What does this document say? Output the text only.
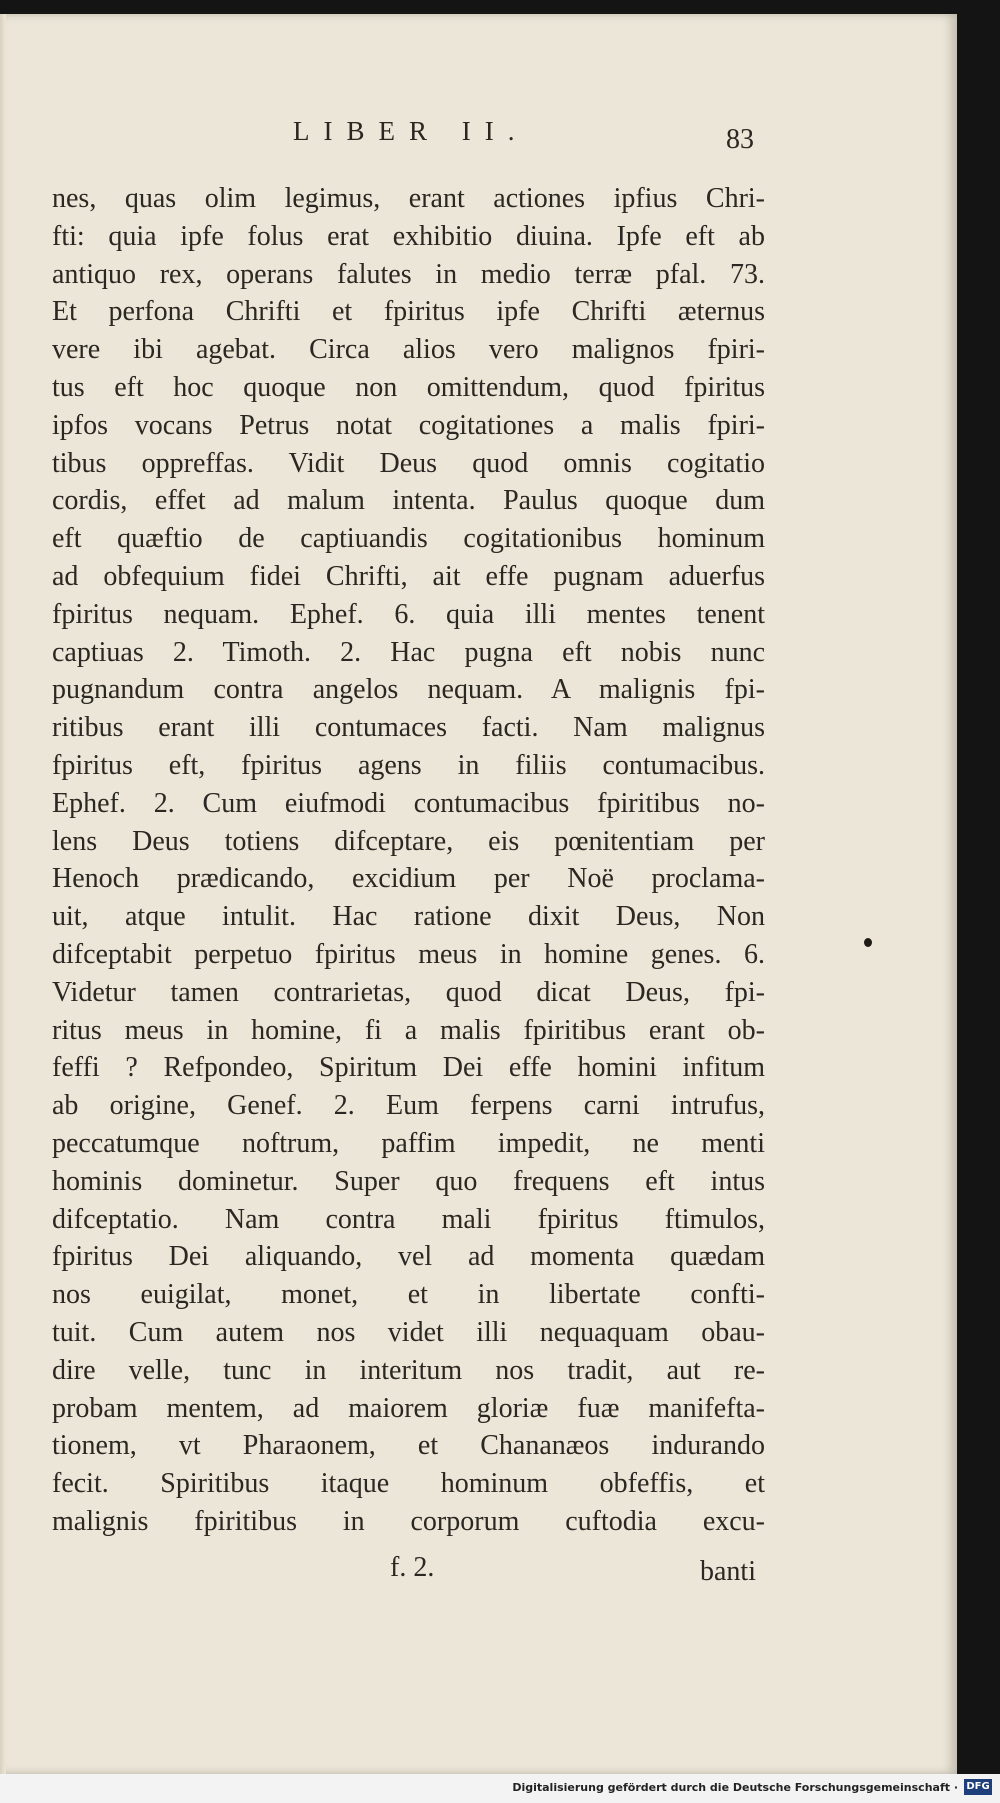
LIBER II.	83
nes, quas olim legimus, erant actiones ipfius Chri-
fti: quia ipfe folus erat exhibitio diuina. Ipfe eft ab
antiquo rex, operans falutes in medio terræ pfal. 73.
Et perfona Chrifti et fpiritus ipfe Chrifti æternus
vere ibi agebat. Circa alios vero malignos fpiri-
tus eft hoc quoque non omittendum, quod fpiritus
ipfos vocans Petrus notat cogitationes a malis fpiri-
tibus oppreffas. Vidit Deus quod omnis cogitatio
cordis, effet ad malum intenta. Paulus quoque dum
eft quæftio de captiuandis cogitationibus hominum
ad obfequium fidei Chrifti, ait effe pugnam aduerfus
fpiritus nequam. Ephef. 6. quia illi mentes tenent
captiuas 2. Timoth. 2. Hac pugna eft nobis nunc
pugnandum contra angelos nequam. A malignis fpi-
ritibus erant illi contumaces facti. Nam malignus
fpiritus eft, fpiritus agens in filiis contumacibus.
Ephef. 2. Cum eiufmodi contumacibus fpiritibus no-
lens Deus totiens difceptare, eis pœnitentiam per
Henoch prædicando, excidium per Noë proclama-
uit, atque intulit. Hac ratione dixit Deus, Non
difceptabit perpetuo fpiritus meus in homine genes. 6.
Videtur tamen contrarietas, quod dicat Deus, fpi-
ritus meus in homine, fi a malis fpiritibus erant ob-
feffi ? Refpondeo, Spiritum Dei effe homini infitum
ab origine, Genef. 2. Eum ferpens carni intrufus,
peccatumque noftrum, paffim impedit, ne menti
hominis dominetur. Super quo frequens eft intus
difceptatio. Nam contra mali fpiritus ftimulos,
fpiritus Dei aliquando, vel ad momenta quædam
nos euigilat, monet, et in libertate confti-
tuit. Cum autem nos videt illi nequaquam obau-
dire velle, tunc in interitum nos tradit, aut re-
probam mentem, ad maiorem gloriæ fuæ manifefta-
tionem, vt Pharaonem, et Chananæos indurando
fecit. Spiritibus itaque hominum obfeffis, et
malignis fpiritibus in corporum cuftodia excu-
f. 2.	banti
Digitalisierung gefördert durch die Deutsche Forschungsgemeinschaft · DFG
